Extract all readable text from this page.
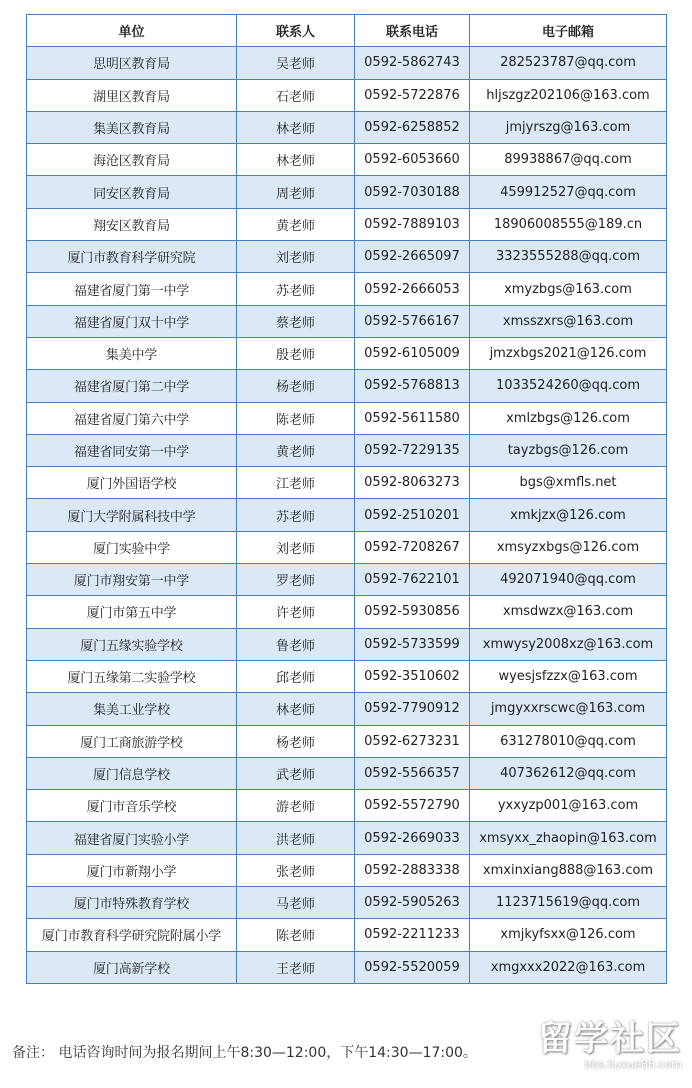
单位	联系人	联系电话	电子邮箱
思明区教育局	吴老师	0592-5862743	282523787@qq.com
湖里区教育局	石老师	0592-5722876	hljszgz202106@163.com
集美区教育局	林老师	0592-6258852	jmjyrszg@163.com
海沧区教育局	林老师	0592-6053660	89938867@qq.com
同安区教育局	周老师	0592-7030188	459912527@qq.com
翔安区教育局	黄老师	0592-7889103	18906008555@189.cn
厦门市教育科学研究院	刘老师	0592-2665097	3323555288@qq.com
福建省厦门第一中学	苏老师	0592-2666053	xmyzbgs@163.com
福建省厦门双十中学	蔡老师	0592-5766167	xmsszxrs@163.com
集美中学	殷老师	0592-6105009	jmzxbgs2021@126.com
福建省厦门第二中学	杨老师	0592-5768813	1033524260@qq.com
福建省厦门第六中学	陈老师	0592-5611580	xmlzbgs@126.com
福建省同安第一中学	黄老师	0592-7229135	tayzbgs@126.com
厦门外国语学校	江老师	0592-8063273	bgs@xmfls.net
厦门大学附属科技中学	苏老师	0592-2510201	xmkjzx@126.com
厦门实验中学	刘老师	0592-7208267	xmsyzxbgs@126.com
厦门市翔安第一中学	罗老师	0592-7622101	492071940@qq.com
厦门市第五中学	许老师	0592-5930856	xmsdwzx@163.com
厦门五缘实验学校	鲁老师	0592-5733599	xmwysy2008xz@163.com
厦门五缘第二实验学校	邱老师	0592-3510602	wyesjsfzzx@163.com
集美工业学校	林老师	0592-7790912	jmgyxxrscwc@163.com
厦门工商旅游学校	杨老师	0592-6273231	631278010@qq.com
厦门信息学校	武老师	0592-5566357	407362612@qq.com
厦门市音乐学校	游老师	0592-5572790	yxxyzp001@163.com
福建省厦门实验小学	洪老师	0592-2669033	xmsyxx_zhaopin@163.com
厦门市新翔小学	张老师	0592-2883338	xmxinxiang888@163.com
厦门市特殊教育学校	马老师	0592-5905263	1123715619@qq.com
厦门市教育科学研究院附属小学	陈老师	0592-2211233	xmjkyfsxx@126.com
厦门高新学校	王老师	0592-5520059	xmgxxx2022@163.com
备注： 电话咨询时间为报名期间上午8:30—12:00，下午14:30—17:00。	留学社区
bbs.liuxue86.com
